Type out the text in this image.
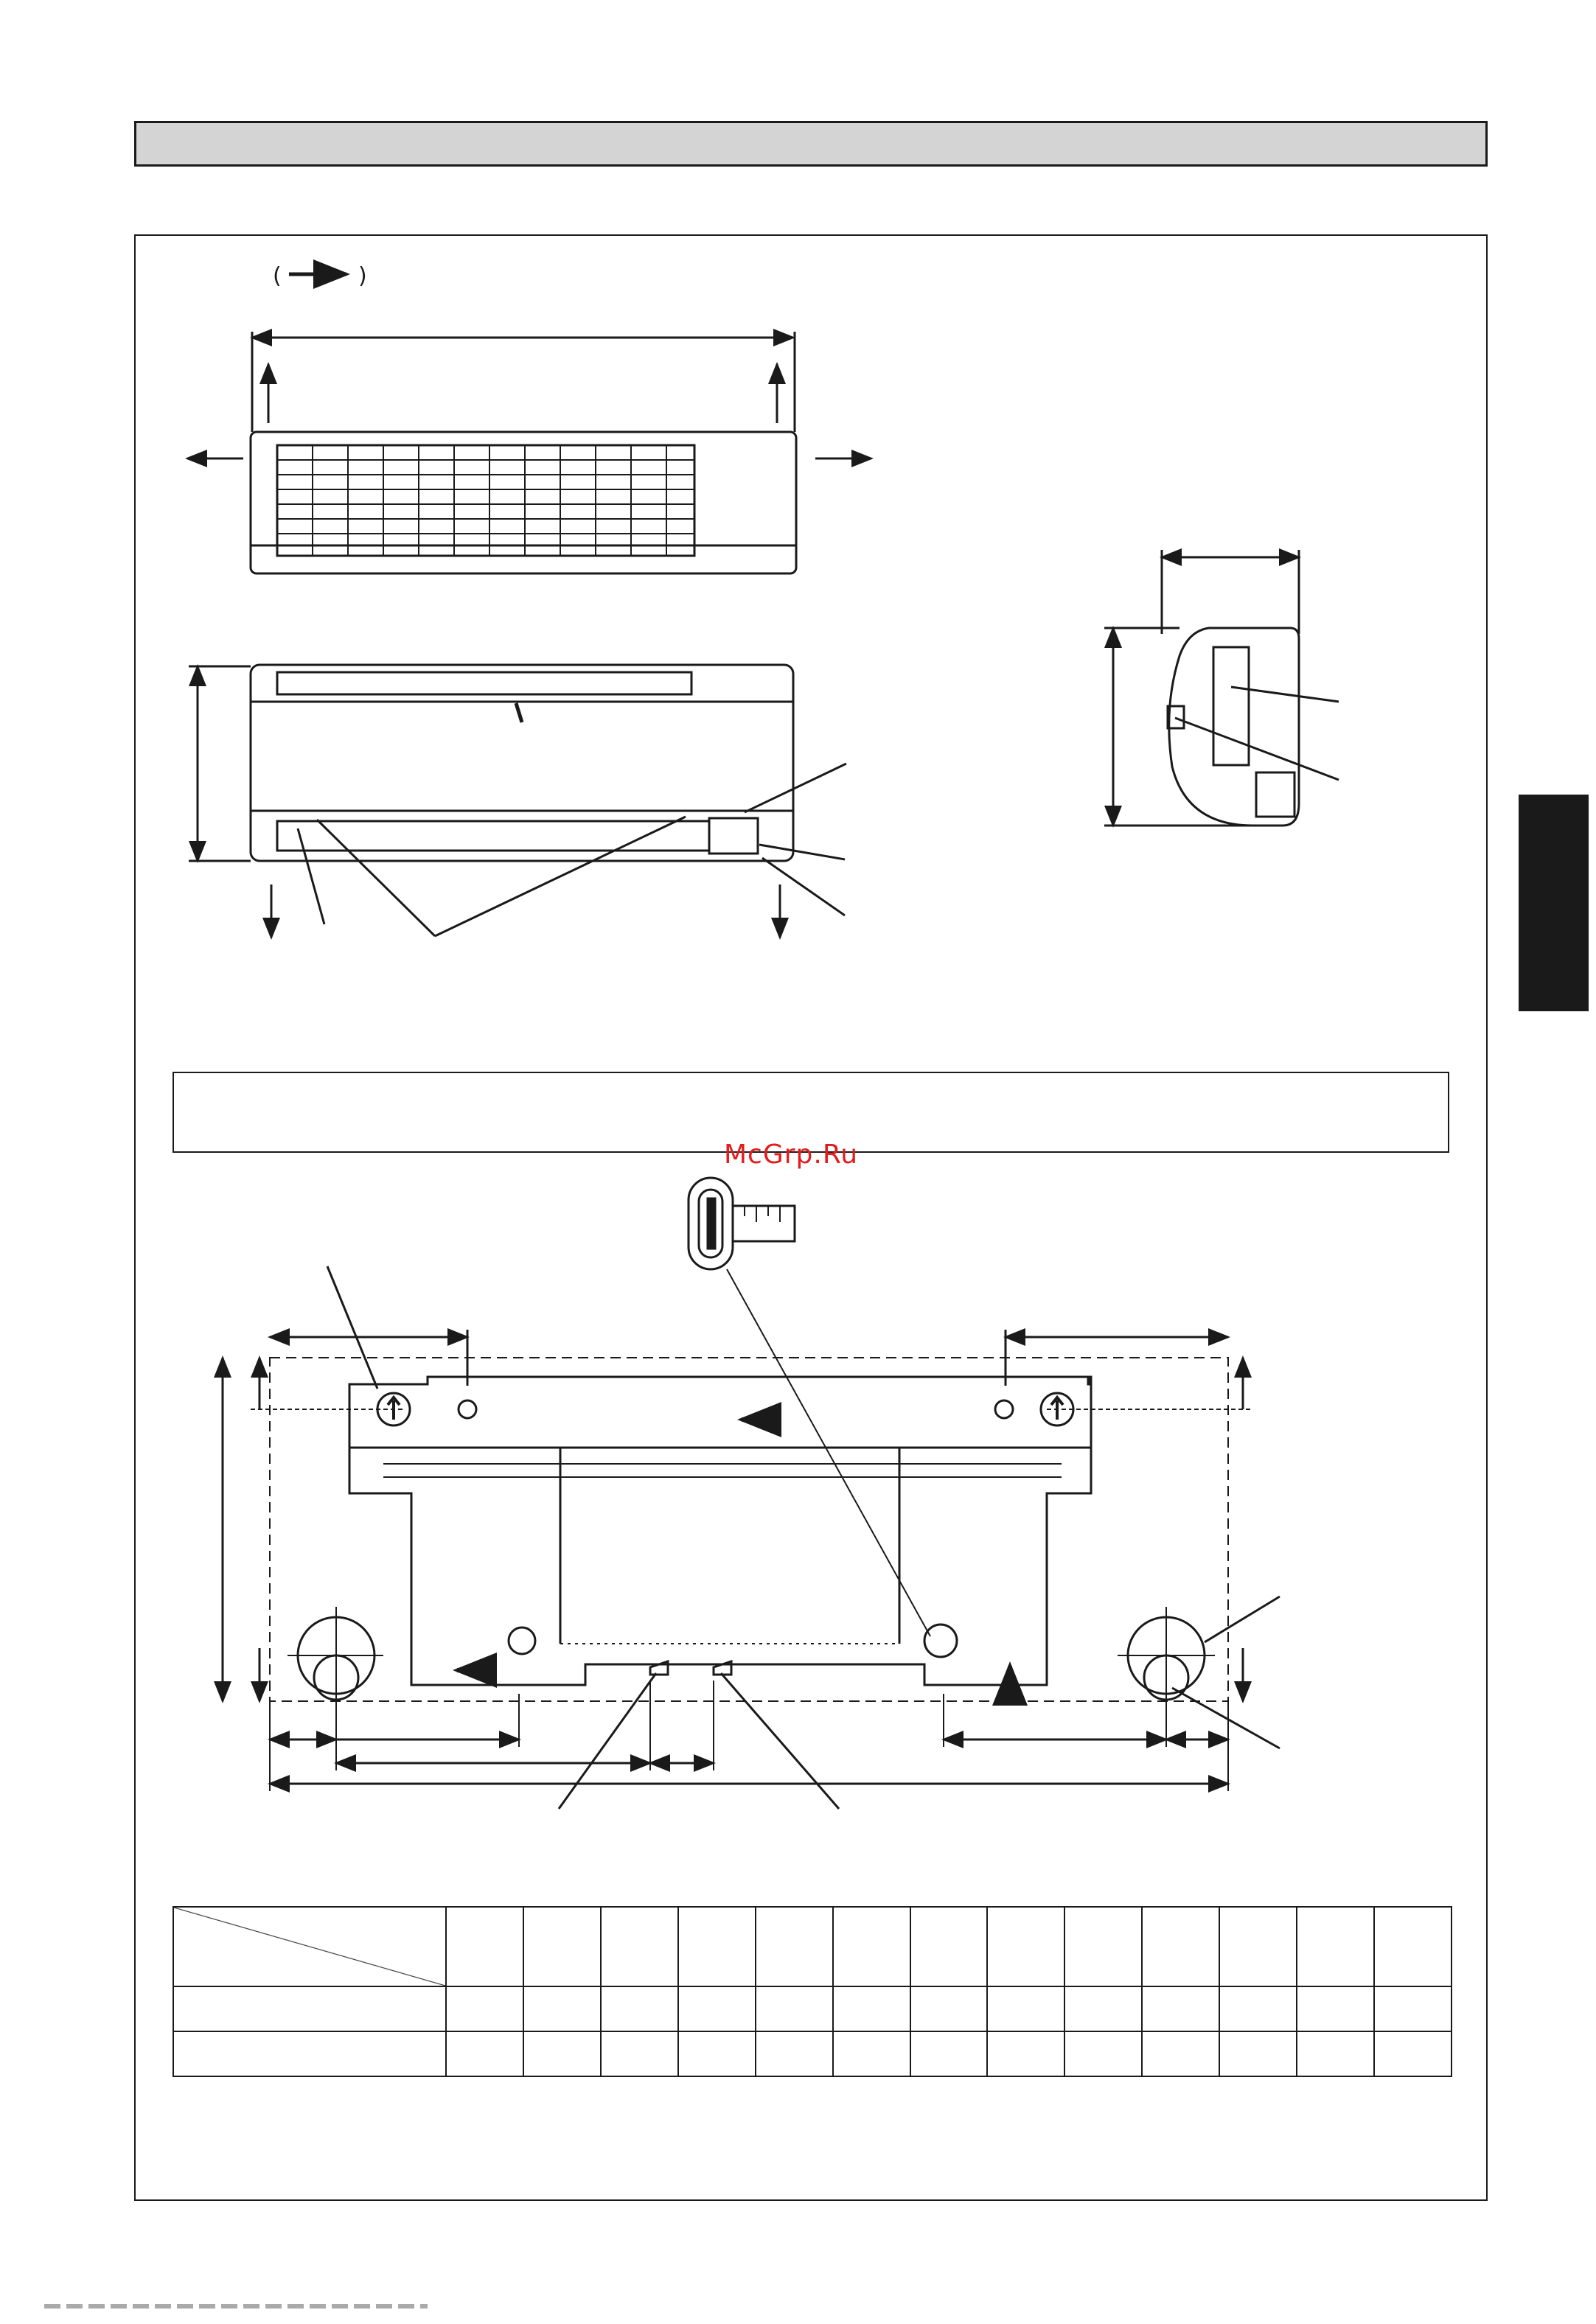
McGrp.Ru
(	)
